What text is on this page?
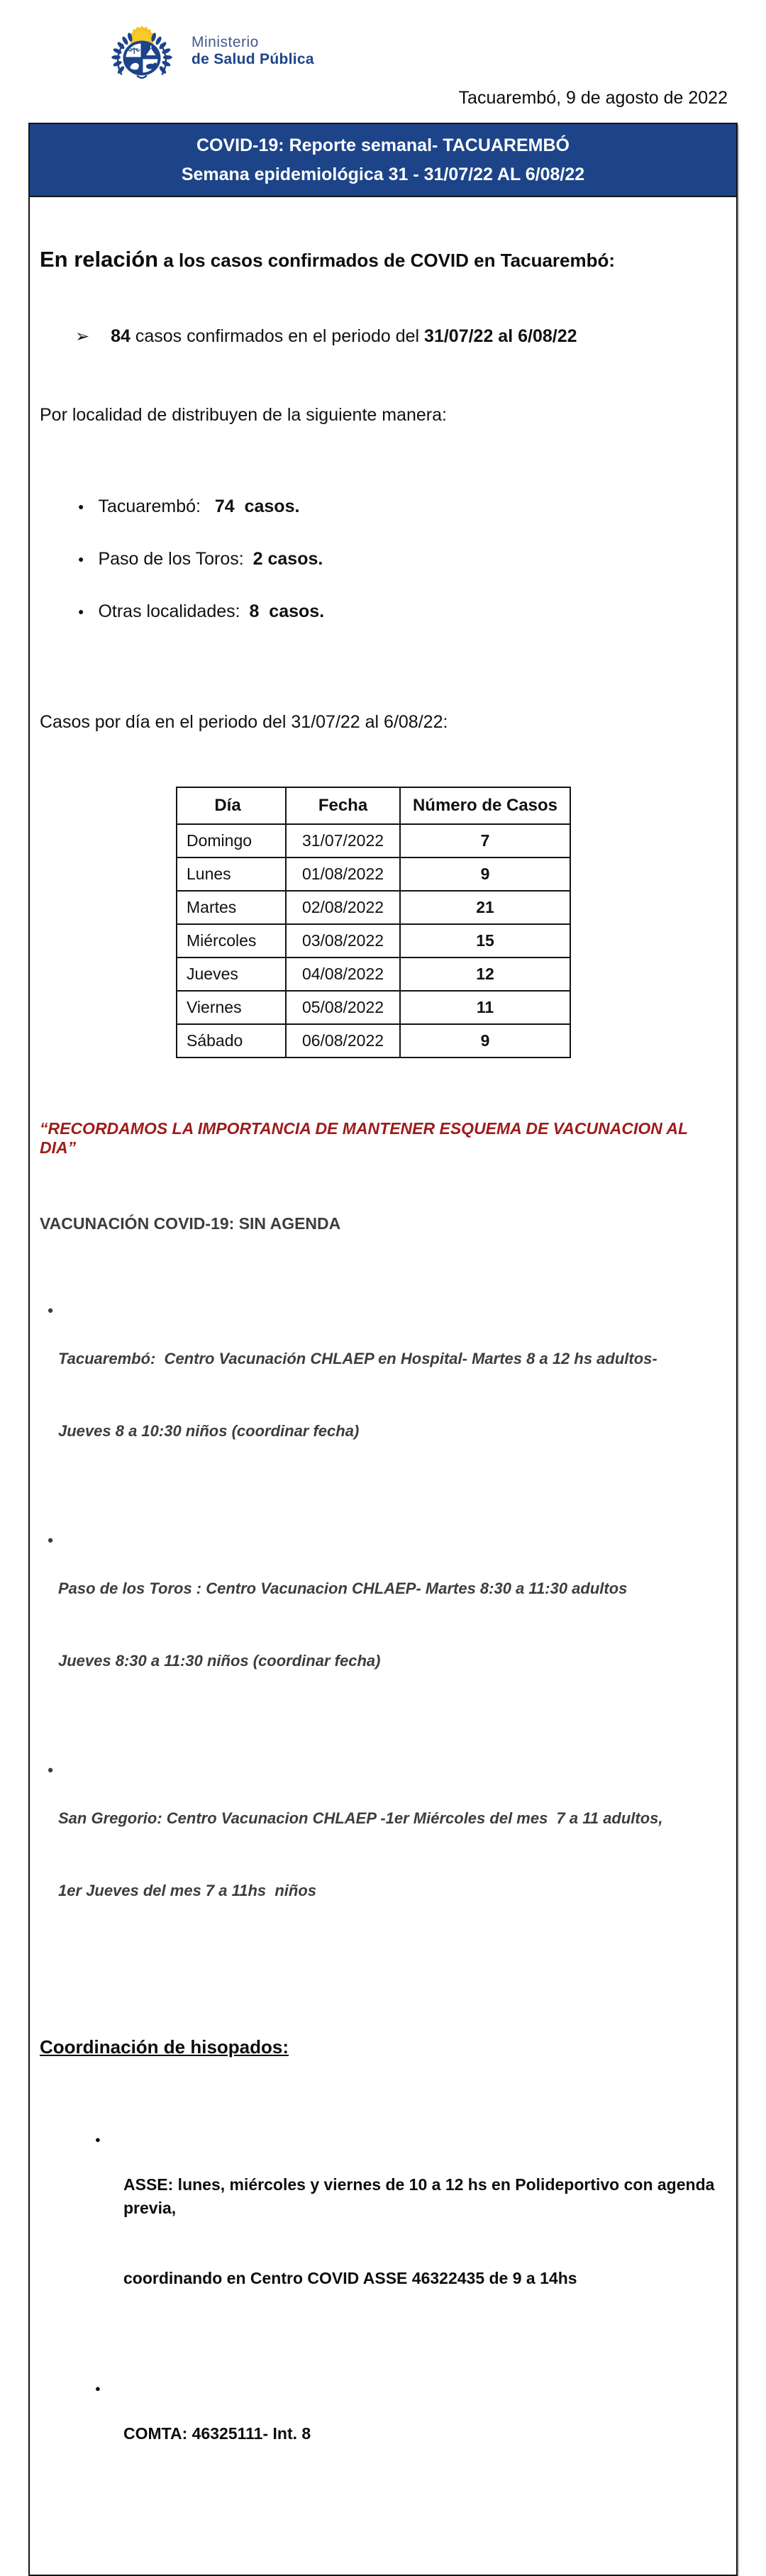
Ministerio
de Salud Pública
Tacuarembó, 9 de agosto de 2022
COVID-19: Reporte semanal- TACUAREMBÓ
Semana epidemiológica 31 - 31/07/22 AL 6/08/22

En relación a los casos confirmados de COVID en Tacuarembó:

➢ 84 casos confirmados en el periodo del 31/07/22 al 6/08/22

Por localidad de distribuyen de la siguiente manera:

● Tacuarembó:  74  casos.

● Paso de los Toros: 2 casos.

● Otras localidades: 8  casos.

Casos por día en el periodo del 31/07/22 al 6/08/22:

Día	Fecha	Número de Casos
Domingo	31/07/2022	7
Lunes	01/08/2022	9
Martes	02/08/2022	21
Miércoles	03/08/2022	15
Jueves	04/08/2022	12
Viernes	05/08/2022	11
Sábado	06/08/2022	9

“RECORDAMOS LA IMPORTANCIA DE MANTENER ESQUEMA DE VACUNACION AL DIA”

VACUNACIÓN COVID-19: SIN AGENDA

• Tacuarembó:  Centro Vacunación CHLAEP en Hospital- Martes 8 a 12 hs adultos-

Jueves 8 a 10:30 niños (coordinar fecha)

• Paso de los Toros : Centro Vacunacion CHLAEP- Martes 8:30 a 11:30 adultos

Jueves 8:30 a 11:30 niños (coordinar fecha)

• San Gregorio: Centro Vacunacion CHLAEP -1er Miércoles del mes  7 a 11 adultos,

1er Jueves del mes 7 a 11hs  niños

Coordinación de hisopados:

● ASSE: lunes, miércoles y viernes de 10 a 12 hs en Polideportivo con agenda previa,

coordinando en Centro COVID ASSE 46322435 de 9 a 14hs

● COMTA: 46325111- Int. 8
